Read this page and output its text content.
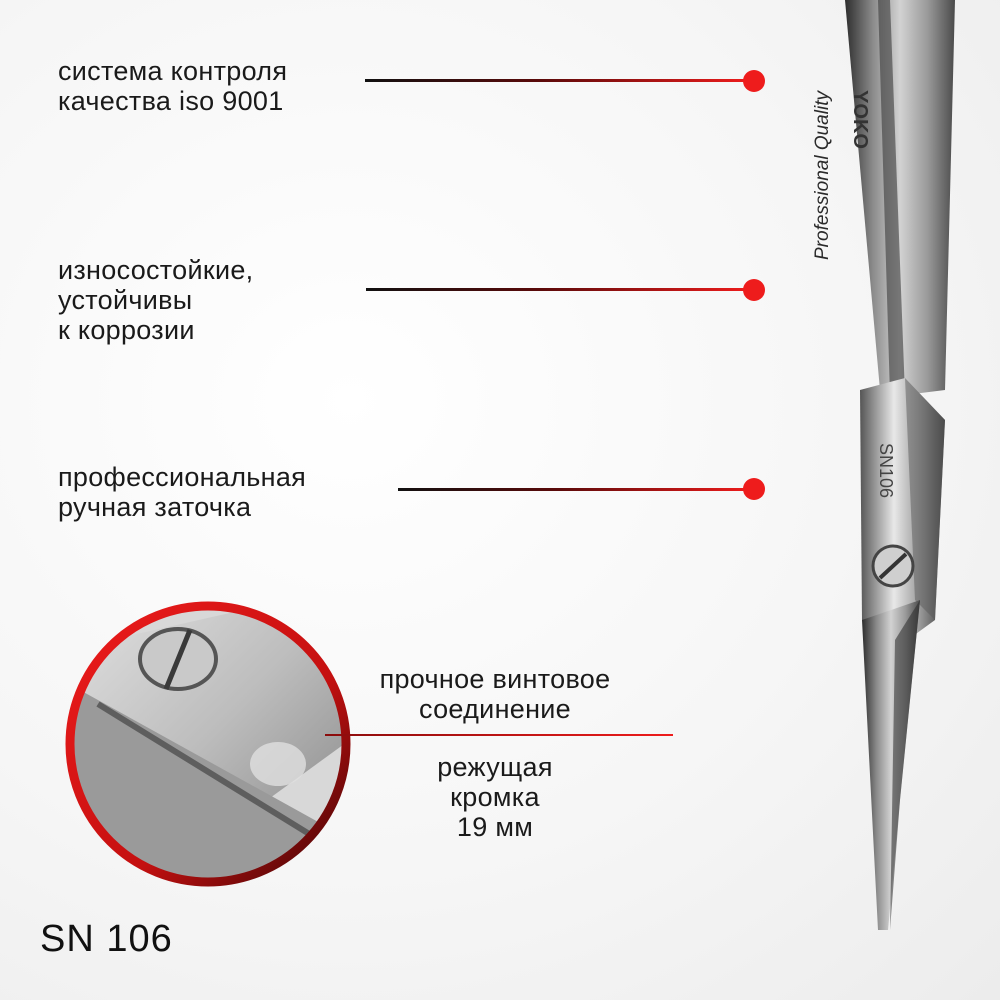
система контроля
качества iso 9001
износостойкие,
устойчивы
к коррозии
профессиональная
ручная заточка
YOKO
Professional Quality
SN106
прочное винтовое
соединение
режущая
кромка
19 мм
SN 106
